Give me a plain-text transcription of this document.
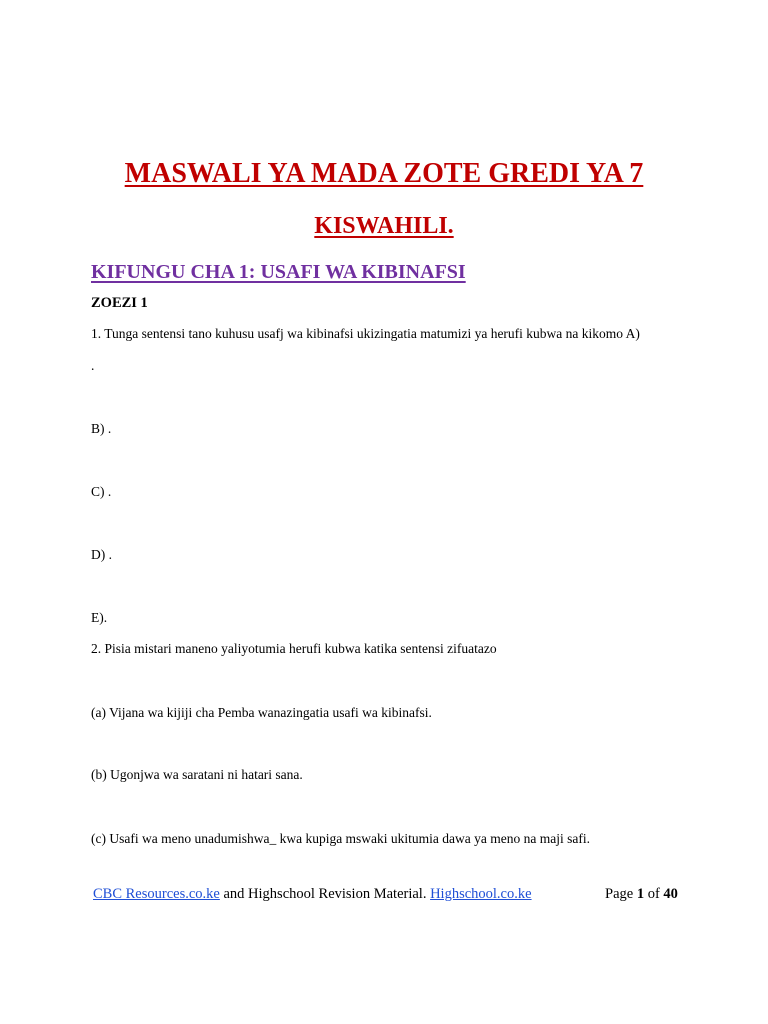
MASWALI YA MADA ZOTE GREDI YA 7
KISWAHILI.
KIFUNGU CHA 1: USAFI WA KIBINAFSI
ZOEZI 1
1. Tunga sentensi tano kuhusu usafj wa kibinafsi ukizingatia matumizi ya herufi kubwa na kikomo A)
.
B) .
C) .
D) .
E).
2. Pisia mistari maneno yaliyotumia herufi kubwa katika sentensi zifuatazo
(a) Vijana wa kijiji cha Pemba wanazingatia usafi wa kibinafsi.
(b) Ugonjwa wa saratani ni hatari sana.
(c) Usafi wa meno unadumishwa_ kwa kupiga mswaki ukitumia dawa ya meno na maji safi.
CBC Resources.co.ke and Highschool Revision Material. Highschool.co.ke	Page 1 of 40
